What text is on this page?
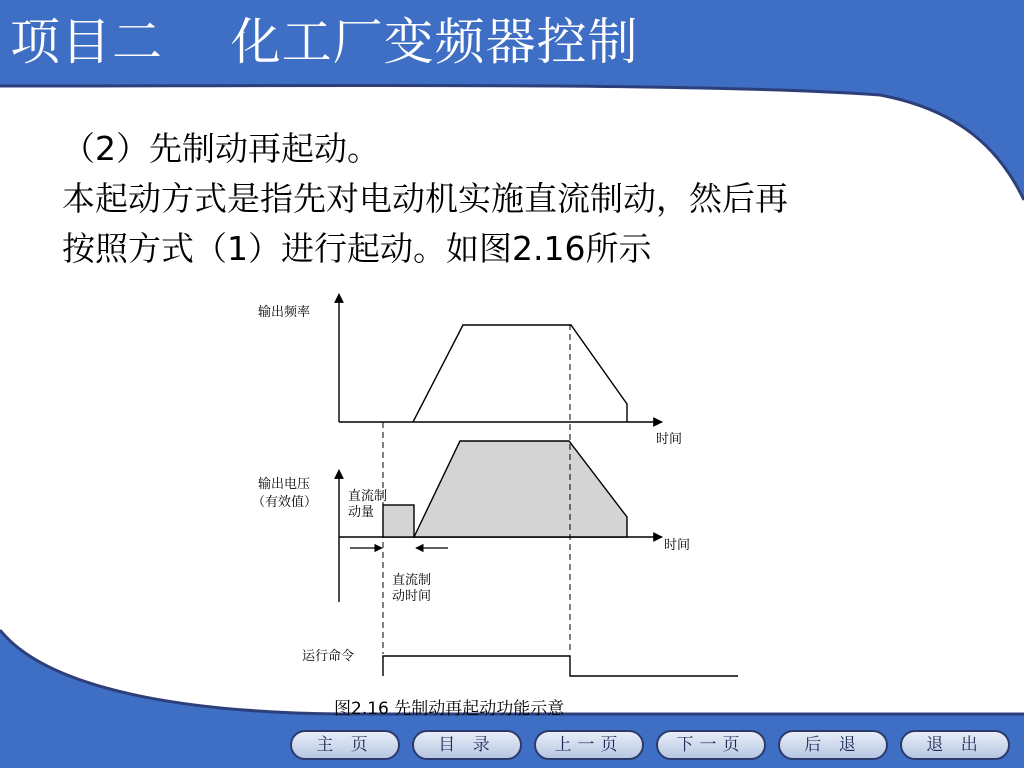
项目二    化工厂变频器控制

（2）先制动再起动。

本起动方式是指先对电动机实施直流制动，然后再

按照方式（1）进行起动。如图2.16所示

输出频率
时间
输出电压
（有效值） 直流制
动量
时间
直流制
动时间
运行命令
图2.16 先制动再起动功能示意
主 页	目 录	上一页	下一页	后 退	退 出
